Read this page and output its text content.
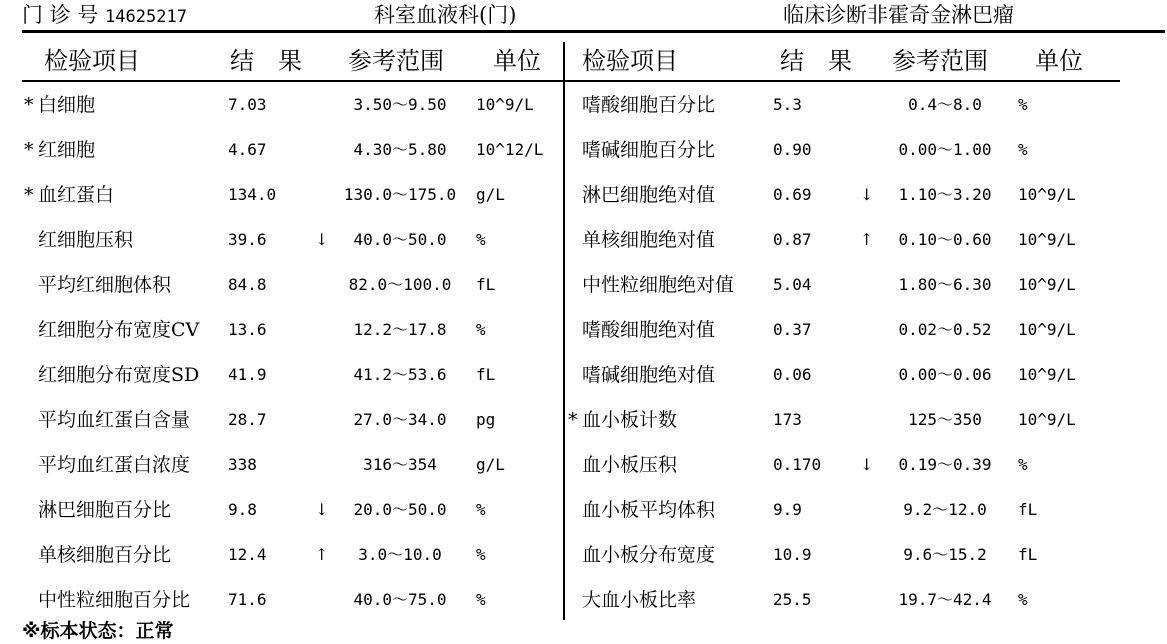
门 诊 号 14625217	科室血液科(门)	临床诊断非霍奇金淋巴瘤
检验项目	结　果 参考范围 单位 检验项目	结　果 参考范围 单位
* 白细胞	7.03	3.50～9.50	10^9/L
* 红细胞	4.67	4.30～5.80	10^12/L
* 血红蛋白	134.0	130.0～175.0	g/L
红细胞压积	39.6	↓	40.0～50.0	%
平均红细胞体积	84.8	82.0～100.0	fL
红细胞分布宽度CV 13.6	12.2～17.8	%
红细胞分布宽度SD 41.9	41.2～53.6	fL
平均血红蛋白含量 28.7	27.0～34.0	pg
平均血红蛋白浓度 338	316～354	g/L
淋巴细胞百分比	9.8	↓	20.0～50.0	%
单核细胞百分比	12.4	↑	3.0～10.0	%
中性粒细胞百分比 71.6	40.0～75.0	%
嗜酸细胞百分比	5.3	0.4～8.0	%
嗜碱细胞百分比	0.90	0.00～1.00	%
淋巴细胞绝对值	0.69	↓	1.10～3.20	10^9/L
单核细胞绝对值	0.87	↑	0.10～0.60	10^9/L
中性粒细胞绝对值 5.04	1.80～6.30	10^9/L
嗜酸细胞绝对值	0.37	0.02～0.52	10^9/L
嗜碱细胞绝对值	0.06	0.00～0.06	10^9/L
* 血小板计数	173	125～350	10^9/L
血小板压积	0.170 ↓	0.19～0.39	%
血小板平均体积	9.9	9.2～12.0	fL
血小板分布宽度	10.9	9.6～15.2	fL
大血小板比率	25.5	19.7～42.4	%
※标本状态：正常
